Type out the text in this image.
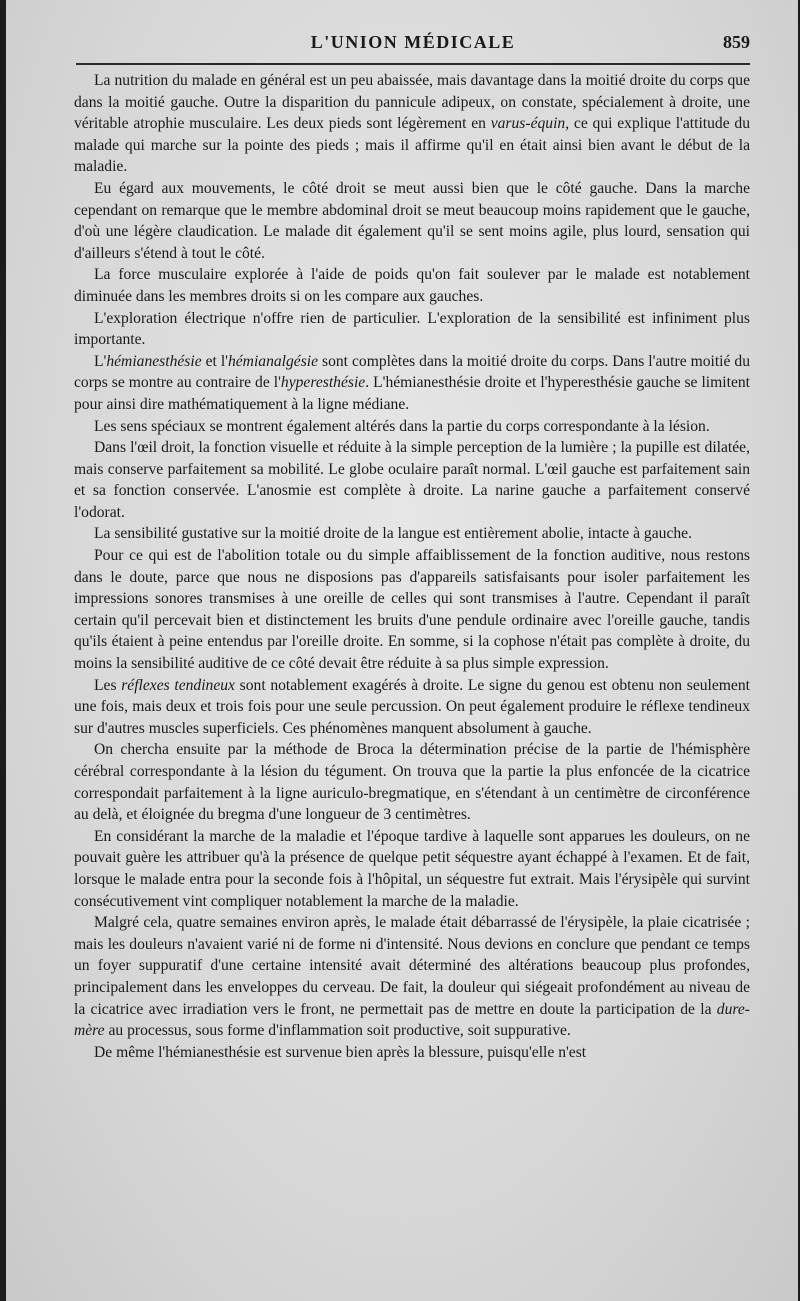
L'UNION MÉDICALE	859

La nutrition du malade en général est un peu abaissée, mais davantage dans la moitié droite du corps que dans la moitié gauche. Outre la disparition du pannicule adipeux, on constate, spécialement à droite, une véritable atrophie musculaire. Les deux pieds sont légèrement en varus-équin, ce qui explique l'attitude du malade qui marche sur la pointe des pieds ; mais il affirme qu'il en était ainsi bien avant le début de la maladie.

Eu égard aux mouvements, le côté droit se meut aussi bien que le côté gauche. Dans la marche cependant on remarque que le membre abdominal droit se meut beaucoup moins rapidement que le gauche, d'où une légère claudication. Le malade dit également qu'il se sent moins agile, plus lourd, sensation qui d'ailleurs s'étend à tout le côté.

La force musculaire explorée à l'aide de poids qu'on fait soulever par le malade est notablement diminuée dans les membres droits si on les compare aux gauches.

L'exploration électrique n'offre rien de particulier. L'exploration de la sensibilité est infiniment plus importante.

L'hémianesthésie et l'hémianalgésie sont complètes dans la moitié droite du corps. Dans l'autre moitié du corps se montre au contraire de l'hyperesthésie. L'hémianesthésie droite et l'hyperesthésie gauche se limitent pour ainsi dire mathématiquement à la ligne médiane.

Les sens spéciaux se montrent également altérés dans la partie du corps correspondante à la lésion.

Dans l'œil droit, la fonction visuelle et réduite à la simple perception de la lumière ; la pupille est dilatée, mais conserve parfaitement sa mobilité. Le globe oculaire paraît normal. L'œil gauche est parfaitement sain et sa fonction conservée. L'anosmie est complète à droite. La narine gauche a parfaitement conservé l'odorat.

La sensibilité gustative sur la moitié droite de la langue est entièrement abolie, intacte à gauche.

Pour ce qui est de l'abolition totale ou du simple affaiblissement de la fonction auditive, nous restons dans le doute, parce que nous ne disposions pas d'appareils satisfaisants pour isoler parfaitement les impressions sonores transmises à une oreille de celles qui sont transmises à l'autre. Cependant il paraît certain qu'il percevait bien et distinctement les bruits d'une pendule ordinaire avec l'oreille gauche, tandis qu'ils étaient à peine entendus par l'oreille droite. En somme, si la cophose n'était pas complète à droite, du moins la sensibilité auditive de ce côté devait être réduite à sa plus simple expression.

Les réflexes tendineux sont notablement exagérés à droite. Le signe du genou est obtenu non seulement une fois, mais deux et trois fois pour une seule percussion. On peut également produire le réflexe tendineux sur d'autres muscles superficiels. Ces phénomènes manquent absolument à gauche.

On chercha ensuite par la méthode de Broca la détermination précise de la partie de l'hémisphère cérébral correspondante à la lésion du tégument. On trouva que la partie la plus enfoncée de la cicatrice correspondait parfaitement à la ligne auriculo-bregmatique, en s'étendant à un centimètre de circonférence au delà, et éloignée du bregma d'une longueur de 3 centimètres.

En considérant la marche de la maladie et l'époque tardive à laquelle sont apparues les douleurs, on ne pouvait guère les attribuer qu'à la présence de quelque petit séquestre ayant échappé à l'examen. Et de fait, lorsque le malade entra pour la seconde fois à l'hôpital, un séquestre fut extrait. Mais l'érysipèle qui survint consécutivement vint compliquer notablement la marche de la maladie.

Malgré cela, quatre semaines environ après, le malade était débarrassé de l'érysipèle, la plaie cicatrisée ; mais les douleurs n'avaient varié ni de forme ni d'intensité. Nous devions en conclure que pendant ce temps un foyer suppuratif d'une certaine intensité avait déterminé des altérations beaucoup plus profondes, principalement dans les enveloppes du cerveau. De fait, la douleur qui siégeait profondément au niveau de la cicatrice avec irradiation vers le front, ne permettait pas de mettre en doute la participation de la dure-mère au processus, sous forme d'inflammation soit productive, soit suppurative.

De même l'hémianesthésie est survenue bien après la blessure, puisqu'elle n'est
